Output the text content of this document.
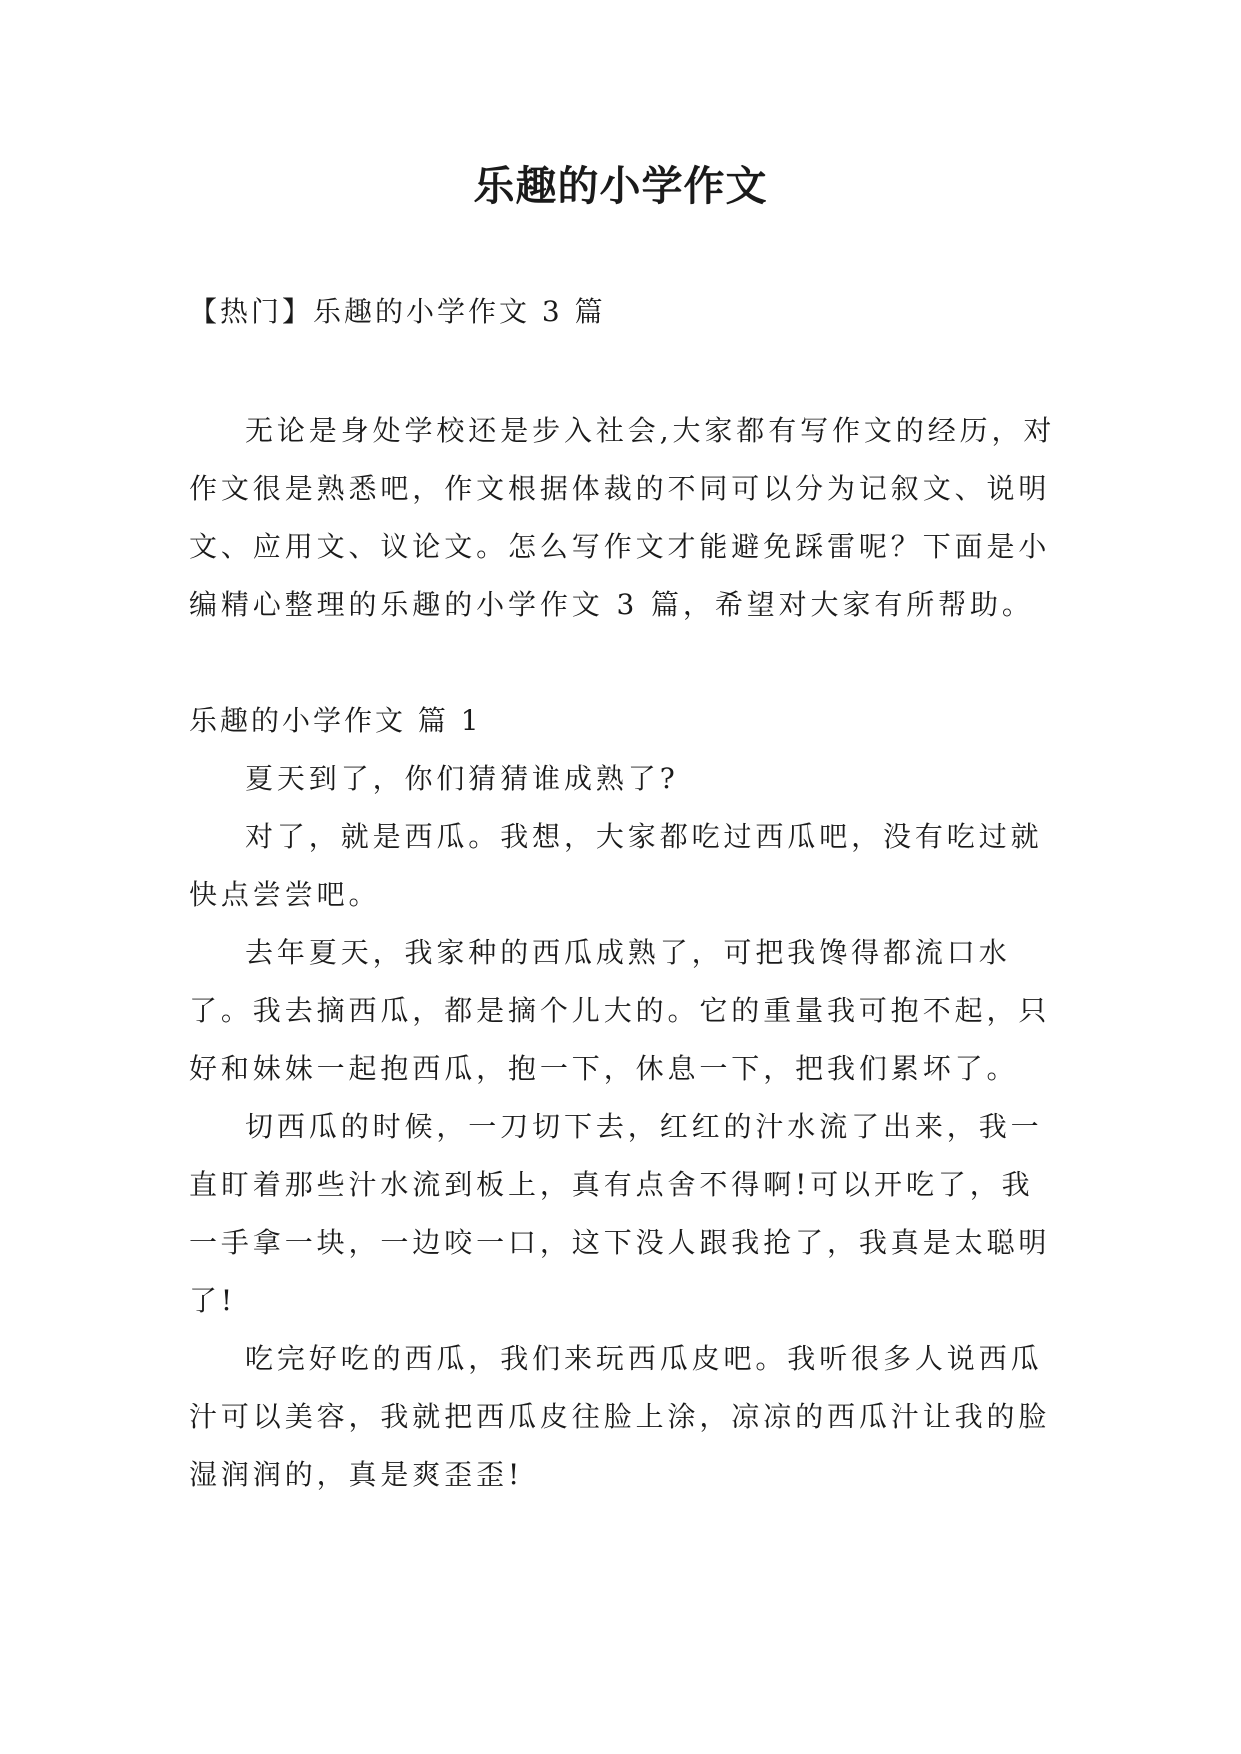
乐趣的小学作文
【热门】乐趣的小学作文 3 篇

无论是身处学校还是步入社会,大家都有写作文的经历，对作文很是熟悉吧，作文根据体裁的不同可以分为记叙文、说明文、应用文、议论文。怎么写作文才能避免踩雷呢？下面是小编精心整理的乐趣的小学作文 3 篇，希望对大家有所帮助。

乐趣的小学作文 篇 1

夏天到了，你们猜猜谁成熟了?

对了，就是西瓜。我想，大家都吃过西瓜吧，没有吃过就快点尝尝吧。

去年夏天，我家种的西瓜成熟了，可把我馋得都流口水了。我去摘西瓜，都是摘个儿大的。它的重量我可抱不起，只好和妹妹一起抱西瓜，抱一下，休息一下，把我们累坏了。

切西瓜的时候，一刀切下去，红红的汁水流了出来，我一直盯着那些汁水流到板上，真有点舍不得啊!可以开吃了，我一手拿一块，一边咬一口，这下没人跟我抢了，我真是太聪明了!

吃完好吃的西瓜，我们来玩西瓜皮吧。我听很多人说西瓜汁可以美容，我就把西瓜皮往脸上涂，凉凉的西瓜汁让我的脸湿润润的，真是爽歪歪!
